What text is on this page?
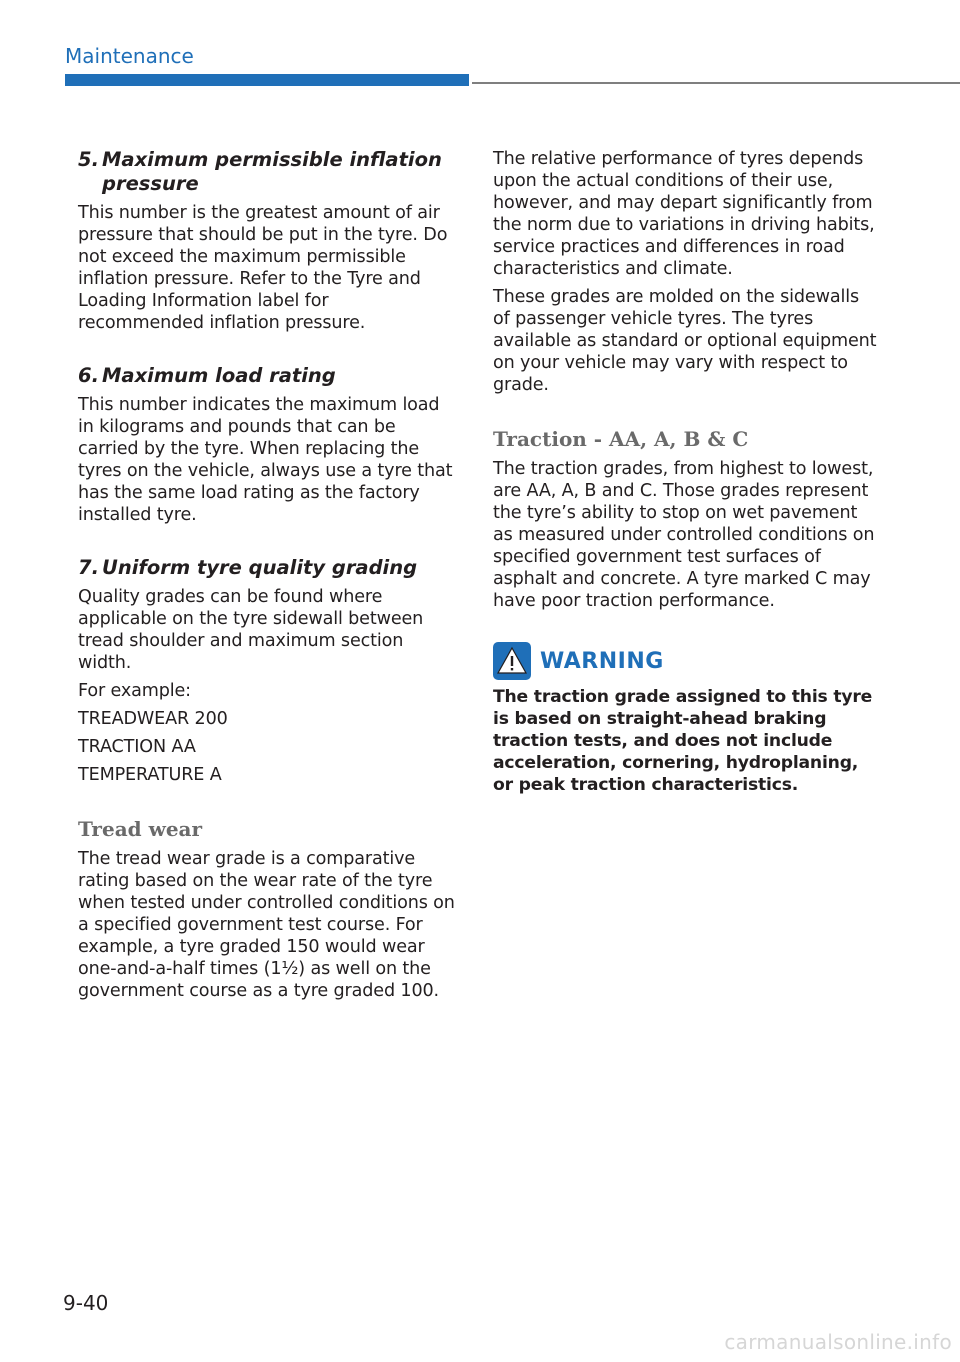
Maintenance
5. Maximum permissible inflation pressure

This number is the greatest amount of air pressure that should be put in the tyre. Do not exceed the maximum permissible inflation pressure. Refer to the Tyre and Loading Information label for recommended inflation pressure.

6. Maximum load rating

This number indicates the maximum load in kilograms and pounds that can be carried by the tyre. When replacing the tyres on the vehicle, always use a tyre that has the same load rating as the factory installed tyre.

7. Uniform tyre quality grading

Quality grades can be found where applicable on the tyre sidewall between tread shoulder and maximum section width.

For example:

TREADWEAR 200

TRACTION AA

TEMPERATURE A

Tread wear

The tread wear grade is a comparative rating based on the wear rate of the tyre when tested under controlled conditions on a specified government test course. For example, a tyre graded 150 would wear one-and-a-half times (1½) as well on the government course as a tyre graded 100.

The relative performance of tyres depends upon the actual conditions of their use, however, and may depart significantly from the norm due to variations in driving habits, service practices and differences in road characteristics and climate.

These grades are molded on the sidewalls of passenger vehicle tyres. The tyres available as standard or optional equipment on your vehicle may vary with respect to grade.

Traction - AA, A, B & C

The traction grades, from highest to lowest, are AA, A, B and C. Those grades represent the tyre’s ability to stop on wet pavement as measured under controlled conditions on specified government test surfaces of asphalt and concrete. A tyre marked C may have poor traction performance.

WARNING

The traction grade assigned to this tyre is based on straight-ahead braking traction tests, and does not include acceleration, cornering, hydroplaning, or peak traction characteristics.

9-40
carmanualsonline.info
